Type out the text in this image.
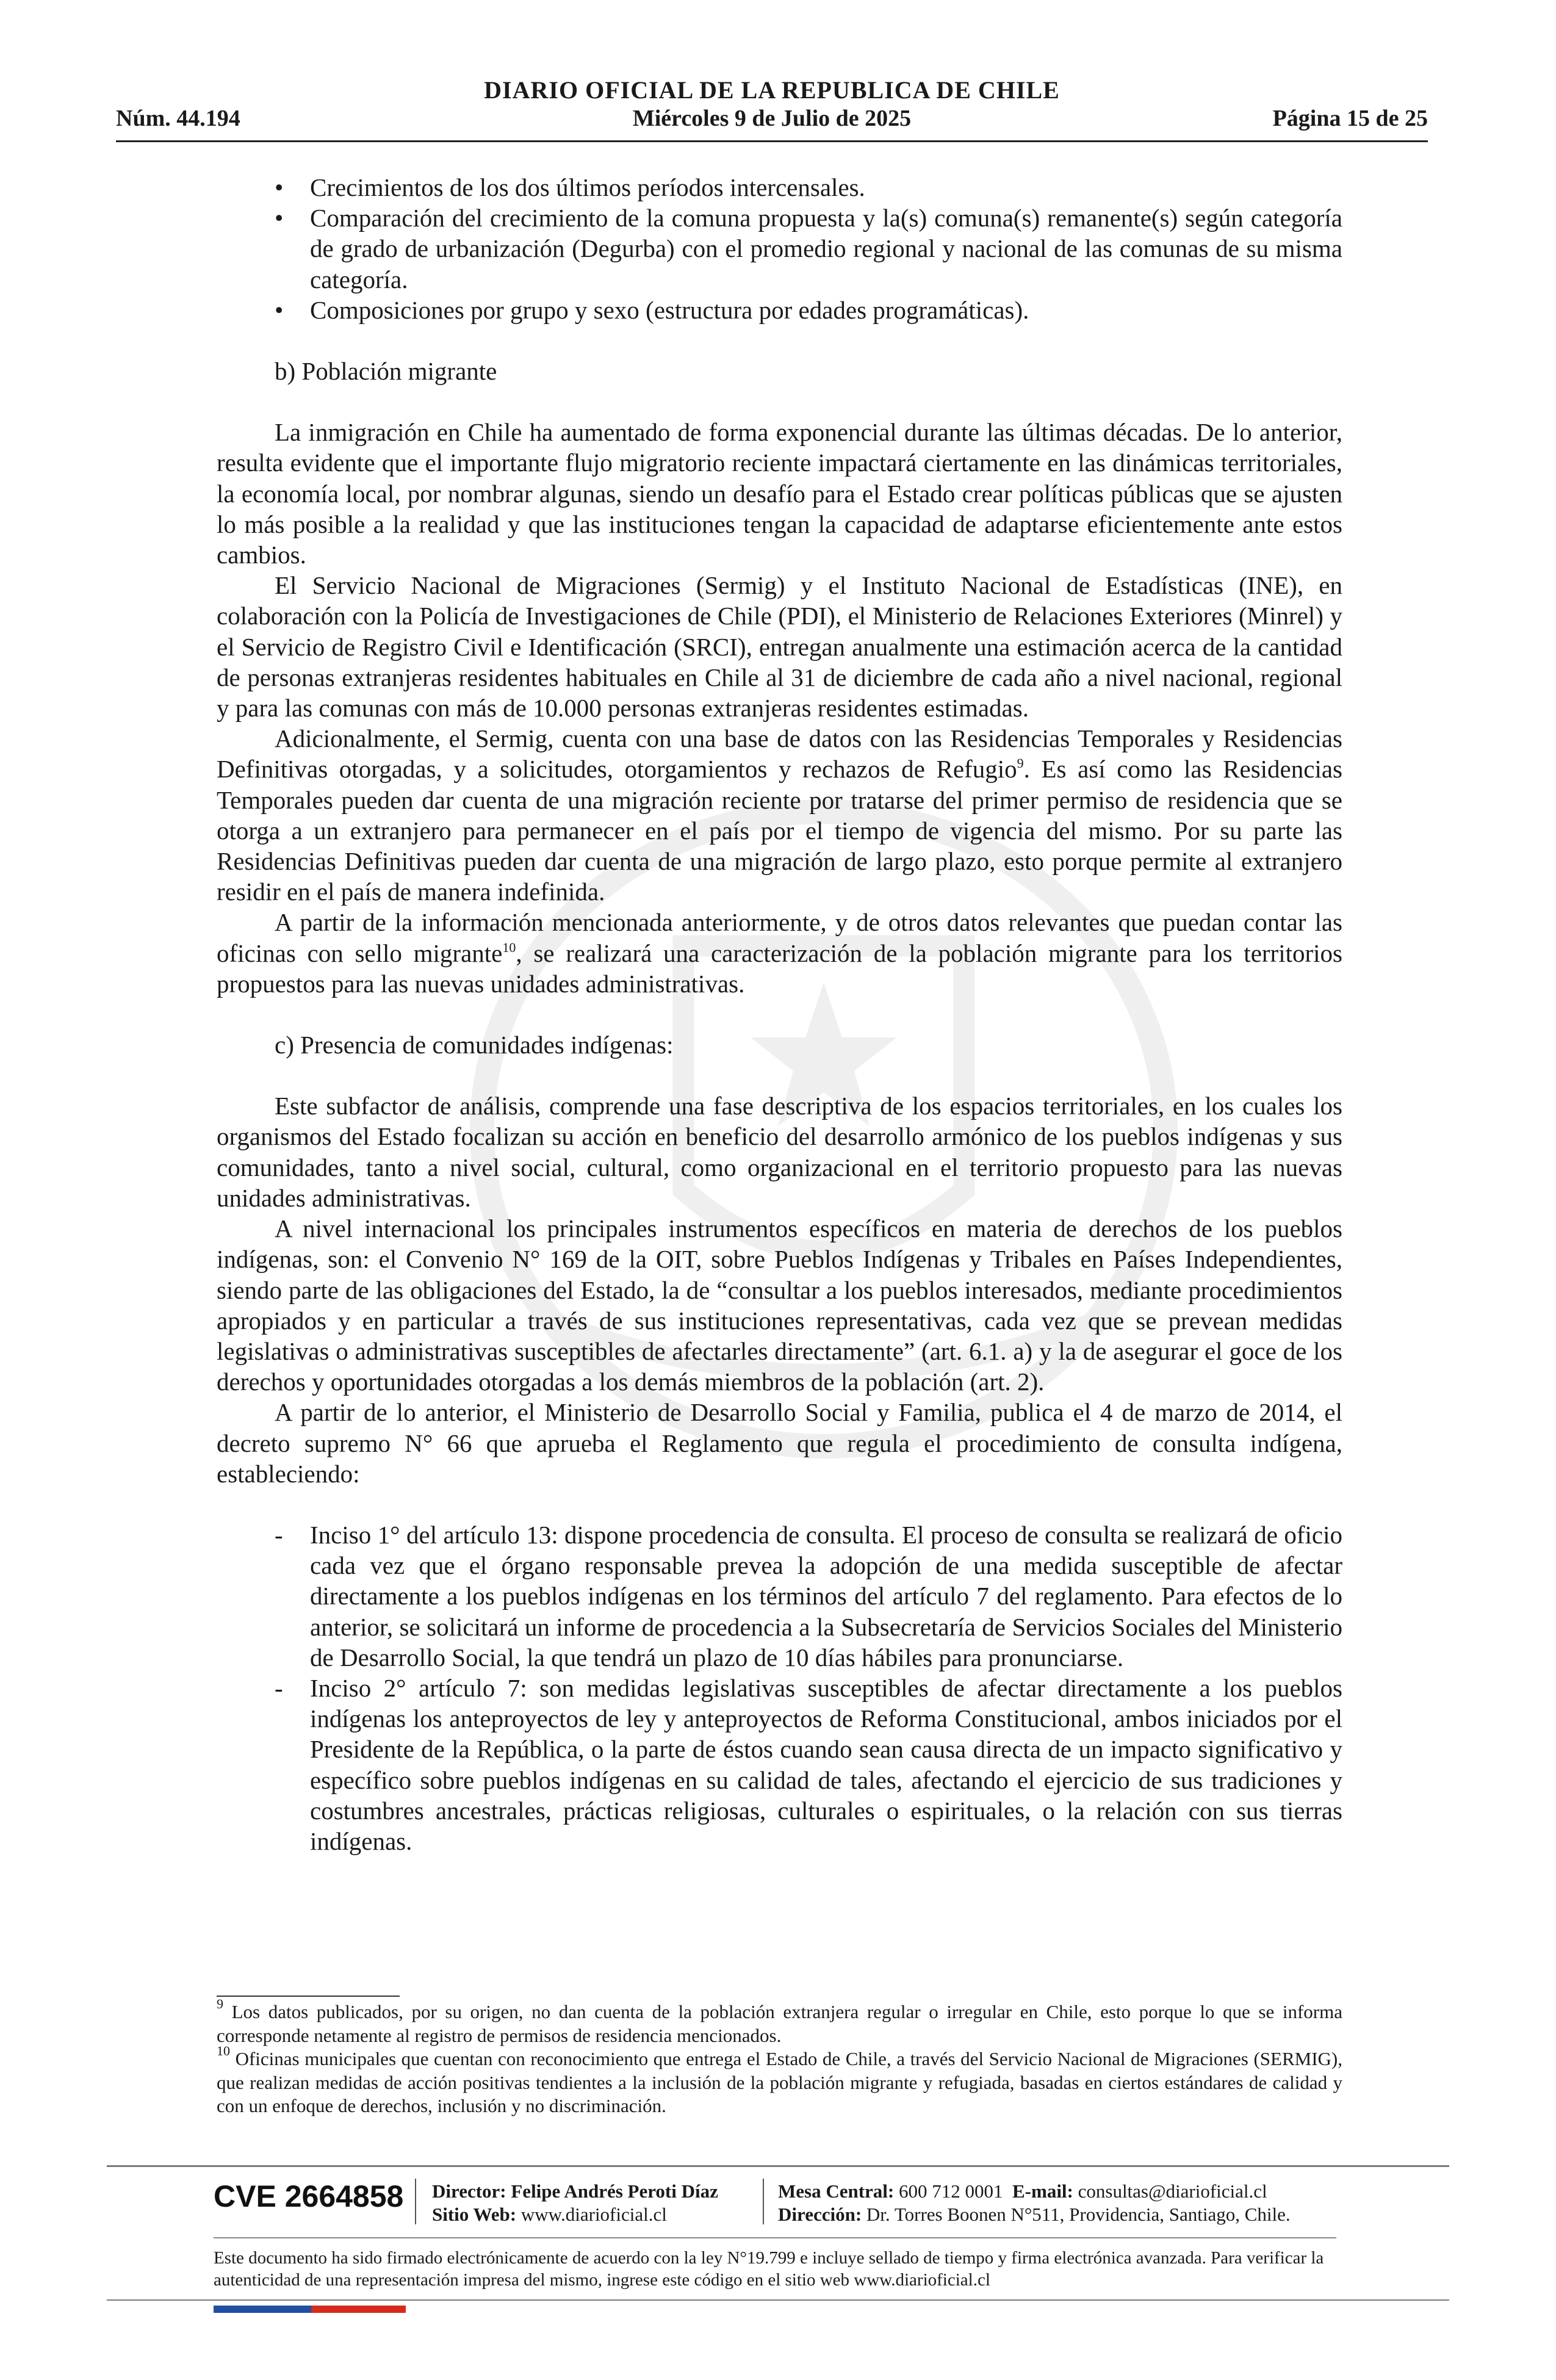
DIARIO OFICIAL DE LA REPUBLICA DE CHILE
Núm. 44.194	Miércoles 9 de Julio de 2025	Página 15 de 25
• Crecimientos de los dos últimos períodos intercensales.
• Comparación del crecimiento de la comuna propuesta y la(s) comuna(s) remanente(s) según categoría de grado de urbanización (Degurba) con el promedio regional y nacional de las comunas de su misma categoría.
• Composiciones por grupo y sexo (estructura por edades programáticas).

b) Población migrante

La inmigración en Chile ha aumentado de forma exponencial durante las últimas décadas. De lo anterior, resulta evidente que el importante flujo migratorio reciente impactará ciertamente en las dinámicas territoriales, la economía local, por nombrar algunas, siendo un desafío para el Estado crear políticas públicas que se ajusten lo más posible a la realidad y que las instituciones tengan la capacidad de adaptarse eficientemente ante estos cambios.

El Servicio Nacional de Migraciones (Sermig) y el Instituto Nacional de Estadísticas (INE), en colaboración con la Policía de Investigaciones de Chile (PDI), el Ministerio de Relaciones Exteriores (Minrel) y el Servicio de Registro Civil e Identificación (SRCI), entregan anualmente una estimación acerca de la cantidad de personas extranjeras residentes habituales en Chile al 31 de diciembre de cada año a nivel nacional, regional y para las comunas con más de 10.000 personas extranjeras residentes estimadas.

Adicionalmente, el Sermig, cuenta con una base de datos con las Residencias Temporales y Residencias Definitivas otorgadas, y a solicitudes, otorgamientos y rechazos de Refugio$^9$. Es así como las Residencias Temporales pueden dar cuenta de una migración reciente por tratarse del primer permiso de residencia que se otorga a un extranjero para permanecer en el país por el tiempo de vigencia del mismo. Por su parte las Residencias Definitivas pueden dar cuenta de una migración de largo plazo, esto porque permite al extranjero residir en el país de manera indefinida.

A partir de la información mencionada anteriormente, y de otros datos relevantes que puedan contar las oficinas con sello migrante$^{10}$, se realizará una caracterización de la población migrante para los territorios propuestos para las nuevas unidades administrativas.

c) Presencia de comunidades indígenas:

Este subfactor de análisis, comprende una fase descriptiva de los espacios territoriales, en los cuales los organismos del Estado focalizan su acción en beneficio del desarrollo armónico de los pueblos indígenas y sus comunidades, tanto a nivel social, cultural, como organizacional en el territorio propuesto para las nuevas unidades administrativas.

A nivel internacional los principales instrumentos específicos en materia de derechos de los pueblos indígenas, son: el Convenio N° 169 de la OIT, sobre Pueblos Indígenas y Tribales en Países Independientes, siendo parte de las obligaciones del Estado, la de “consultar a los pueblos interesados, mediante procedimientos apropiados y en particular a través de sus instituciones representativas, cada vez que se prevean medidas legislativas o administrativas susceptibles de afectarles directamente” (art. 6.1. a) y la de asegurar el goce de los derechos y oportunidades otorgadas a los demás miembros de la población (art. 2).

A partir de lo anterior, el Ministerio de Desarrollo Social y Familia, publica el 4 de marzo de 2014, el decreto supremo N° 66 que aprueba el Reglamento que regula el procedimiento de consulta indígena, estableciendo:

- Inciso 1° del artículo 13: dispone procedencia de consulta. El proceso de consulta se realizará de oficio cada vez que el órgano responsable prevea la adopción de una medida susceptible de afectar directamente a los pueblos indígenas en los términos del artículo 7 del reglamento. Para efectos de lo anterior, se solicitará un informe de procedencia a la Subsecretaría de Servicios Sociales del Ministerio de Desarrollo Social, la que tendrá un plazo de 10 días hábiles para pronunciarse.
- Inciso 2° artículo 7: son medidas legislativas susceptibles de afectar directamente a los pueblos indígenas los anteproyectos de ley y anteproyectos de Reforma Constitucional, ambos iniciados por el Presidente de la República, o la parte de éstos cuando sean causa directa de un impacto significativo y específico sobre pueblos indígenas en su calidad de tales, afectando el ejercicio de sus tradiciones y costumbres ancestrales, prácticas religiosas, culturales o espirituales, o la relación con sus tierras indígenas.

$^9$ Los datos publicados, por su origen, no dan cuenta de la población extranjera regular o irregular en Chile, esto porque lo que se informa corresponde netamente al registro de permisos de residencia mencionados.

$^{10}$ Oficinas municipales que cuentan con reconocimiento que entrega el Estado de Chile, a través del Servicio Nacional de Migraciones (SERMIG), que realizan medidas de acción positivas tendientes a la inclusión de la población migrante y refugiada, basadas en ciertos estándares de calidad y con un enfoque de derechos, inclusión y no discriminación.

CVE 2664858 Director: Felipe Andrés Peroti Díaz
Sitio Web: www.diarioficial.cl
Mesa Central: 600 712 0001 E-mail: consultas@diarioficial.cl
Dirección: Dr. Torres Boonen N°511, Providencia, Santiago, Chile.
Este documento ha sido firmado electrónicamente de acuerdo con la ley N°19.799 e incluye sellado de tiempo y firma electrónica avanzada. Para verificar la autenticidad de una representación impresa del mismo, ingrese este código en el sitio web www.diarioficial.cl
